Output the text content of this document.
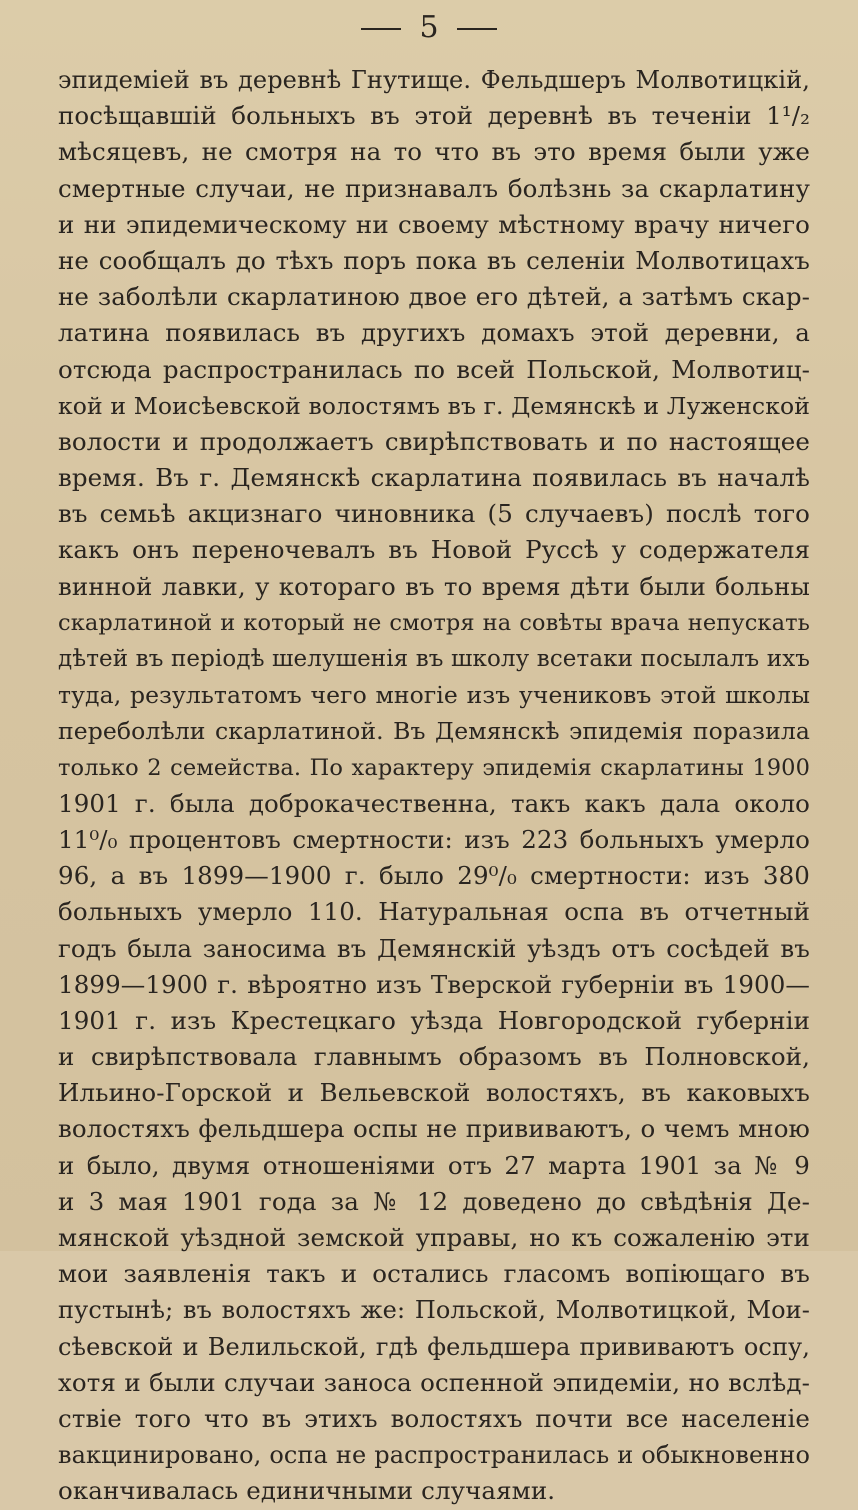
5
эпидеміей въ деревнѣ Гнутище. Фельдшеръ Молвотицкій,
посѣщавшій больныхъ въ этой деревнѣ въ теченіи 1¹/₂
мѣсяцевъ, не смотря на то что въ это время были уже
смертные случаи, не признавалъ болѣзнь за скарлатину
и ни эпидемическому ни своему мѣстному врачу ничего
не сообщалъ до тѣхъ поръ пока въ селеніи Молвотицахъ
не заболѣли скарлатиною двое его дѣтей, а затѣмъ скар-
латина появилась въ другихъ домахъ этой деревни, а
отсюда распространилась по всей Польской, Молвотиц-
кой и Моисѣевской волостямъ въ г. Демянскѣ и Луженской
волости и продолжаетъ свирѣпствовать и по настоящее
время. Въ г. Демянскѣ скарлатина появилась въ началѣ
въ семьѣ акцизнаго чиновника (5 случаевъ) послѣ того
какъ онъ переночевалъ въ Новой Руссѣ у содержателя
винной лавки, у котораго въ то время дѣти были больны
скарлатиной и который не смотря на совѣты врача непускать
дѣтей въ періодѣ шелушенія въ школу всетаки посылалъ ихъ
туда, результатомъ чего многіе изъ учениковъ этой школы
переболѣли скарлатиной. Въ Демянскѣ эпидемія поразила
только 2 семейства. По характеру эпидемія скарлатины 1900
1901 г. была доброкачественна, такъ какъ дала около
11⁰/₀ процентовъ смертности: изъ 223 больныхъ умерло
96, а въ 1899—1900 г. было 29⁰/₀ смертности: изъ 380
больныхъ умерло 110. Натуральная оспа въ отчетный
годъ была заносима въ Демянскій уѣздъ отъ сосѣдей въ
1899—1900 г. вѣроятно изъ Тверской губерніи въ 1900—
1901 г. изъ Крестецкаго уѣзда Новгородской губерніи
и свирѣпствовала главнымъ образомъ въ Полновской,
Ильино-Горской и Вельевской волостяхъ, въ каковыхъ
волостяхъ фельдшера оспы не прививаютъ, о чемъ мною
и было, двумя отношеніями отъ 27 марта 1901 за № 9
и 3 мая 1901 года за № 12 доведено до свѣдѣнія Де-
мянской уѣздной земской управы, но къ сожаленію эти
мои заявленія такъ и остались гласомъ вопіющаго въ
пустынѣ; въ волостяхъ же: Польской, Молвотицкой, Мои-
сѣевской и Велильской, гдѣ фельдшера прививаютъ оспу,
хотя и были случаи заноса оспенной эпидеміи, но вслѣд-
ствіе того что въ этихъ волостяхъ почти все населеніе
вакцинировано, оспа не распространилась и обыкновенно
оканчивалась единичными случаями.
